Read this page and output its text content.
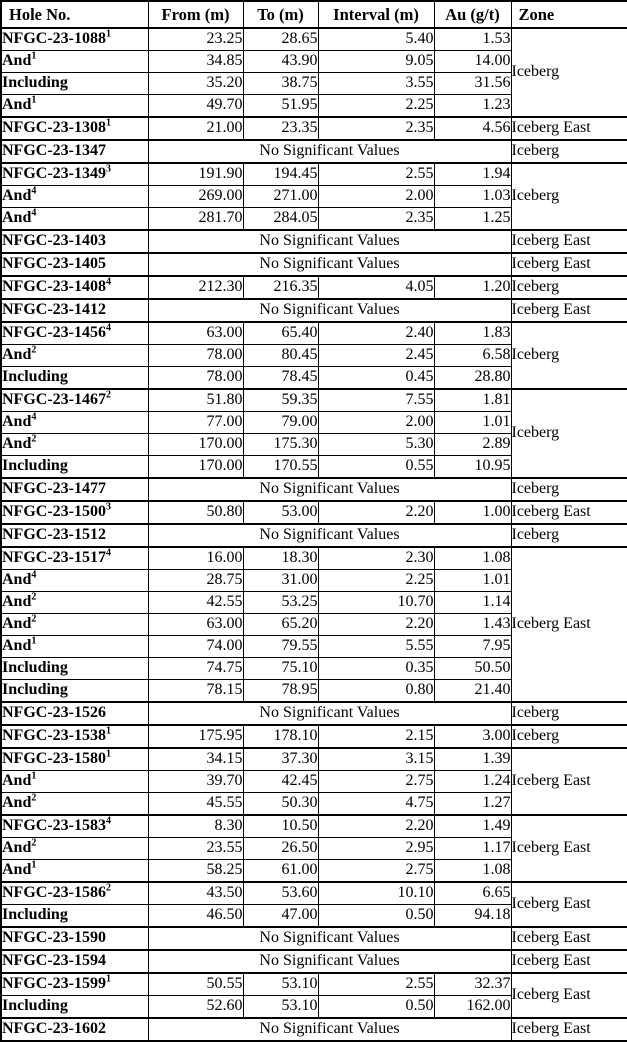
Hole No.	From (m)	To (m)	Interval (m)	Au (g/t)	Zone
NFGC-23-1088$^1$	23.25	28.65	5.40	1.53	Iceberg
And$^1$	34.85	43.90	9.05	14.00	
Including	35.20	38.75	3.55	31.56	
And$^1$	49.70	51.95	2.25	1.23	
NFGC-23-1308$^1$	21.00	23.35	2.35	4.56	Iceberg East
NFGC-23-1347	No Significant Values				Iceberg
NFGC-23-1349$^3$	191.90	194.45	2.55	1.94	Iceberg
And$^4$	269.00	271.00	2.00	1.03	
And$^4$	281.70	284.05	2.35	1.25	
NFGC-23-1403	No Significant Values				Iceberg East
NFGC-23-1405	No Significant Values				Iceberg East
NFGC-23-1408$^4$	212.30	216.35	4.05	1.20	Iceberg
NFGC-23-1412	No Significant Values				Iceberg East
NFGC-23-1456$^4$	63.00	65.40	2.40	1.83	Iceberg
And$^2$	78.00	80.45	2.45	6.58	
Including	78.00	78.45	0.45	28.80	
NFGC-23-1467$^2$	51.80	59.35	7.55	1.81	Iceberg
And$^4$	77.00	79.00	2.00	1.01	
And$^2$	170.00	175.30	5.30	2.89	
Including	170.00	170.55	0.55	10.95	
NFGC-23-1477	No Significant Values				Iceberg
NFGC-23-1500$^3$	50.80	53.00	2.20	1.00	Iceberg East
NFGC-23-1512	No Significant Values				Iceberg
NFGC-23-1517$^4$	16.00	18.30	2.30	1.08	Iceberg East
And$^4$	28.75	31.00	2.25	1.01	
And$^2$	42.55	53.25	10.70	1.14	
And$^2$	63.00	65.20	2.20	1.43	
And$^1$	74.00	79.55	5.55	7.95	
Including	74.75	75.10	0.35	50.50	
Including	78.15	78.95	0.80	21.40	
NFGC-23-1526	No Significant Values				Iceberg
NFGC-23-1538$^1$	175.95	178.10	2.15	3.00	Iceberg
NFGC-23-1580$^1$	34.15	37.30	3.15	1.39	Iceberg East
And$^1$	39.70	42.45	2.75	1.24	
And$^2$	45.55	50.30	4.75	1.27	
NFGC-23-1583$^4$	8.30	10.50	2.20	1.49	Iceberg East
And$^2$	23.55	26.50	2.95	1.17	
And$^1$	58.25	61.00	2.75	1.08	
NFGC-23-1586$^2$	43.50	53.60	10.10	6.65	Iceberg East
Including	46.50	47.00	0.50	94.18	
NFGC-23-1590	No Significant Values				Iceberg East
NFGC-23-1594	No Significant Values				Iceberg East
NFGC-23-1599$^1$	50.55	53.10	2.55	32.37	Iceberg East
Including	52.60	53.10	0.50	162.00	
NFGC-23-1602	No Significant Values				Iceberg East
